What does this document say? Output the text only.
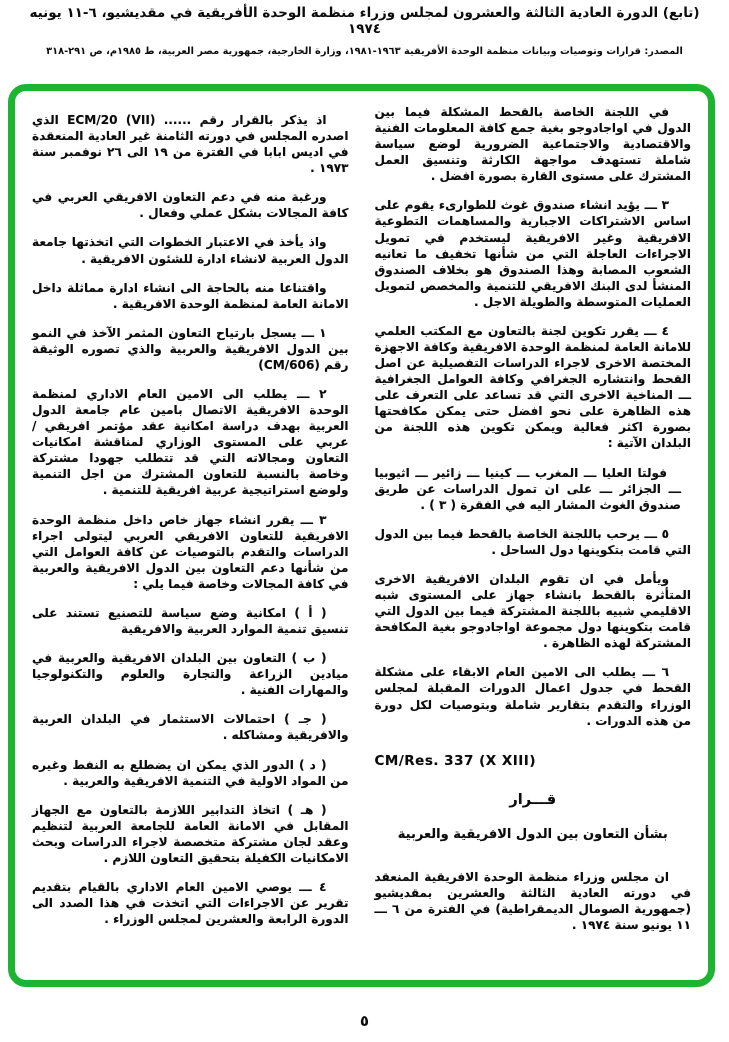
(تابع) الدورة العادية الثالثة والعشرون لمجلس وزراء منظمة الوحدة الأفريقية في مقديشيو، ٦-١١ يونيه ١٩٧٤
المصدر: قرارات وتوصيات وبيانات منظمة الوحدة الأفريقية ١٩٦٣-١٩٨١، وزارة الخارجية، جمهورية مصر العربية، ط ١٩٨٥م، ص ٢٩١-٣١٨

في اللجنة الخاصة بالقحط المشكلة فيما بين الدول في اواجادوجو بغية جمع كافة المعلومات الفنية والاقتصادية والاجتماعية الضرورية لوضع سياسة شاملة تستهدف مواجهة الكارثة وتنسيق العمل المشترك على مستوى القارة بصورة افضل .

٣ ـــ يؤيد انشاء صندوق غوث للطوارىء يقوم على اساس الاشتراكات الاجبارية والمساهمات التطوعية الافريقية وغير الافريقية ليستخدم في تمويل الاجراءات العاجلة التي من شأنها تخفيف ما تعانيه الشعوب المصابة وهذا الصندوق هو بخلاف الصندوق المنشأ لدى البنك الافريقي للتنمية والمخصص لتمويل العمليات المتوسطة والطويلة الاجل .

٤ ـــ يقرر تكوين لجنة بالتعاون مع المكتب العلمي للامانة العامة لمنظمة الوحدة الافريقية وكافة الاجهزة المختصة الاخرى لاجراء الدراسات التفصيلية عن اصل القحط وانتشاره الجغرافي وكافة العوامل الجغرافية ـــ المناخية الاخرى التي قد تساعد على التعرف على هذه الظاهرة على نحو افضل حتى يمكن مكافحتها بصورة اكثر فعالية ويمكن تكوين هذه اللجنة من البلدان الآتية :

فولتا العليا ـــ المغرب ـــ كينيا ـــ زائير ـــ اثيوبيا ـــ الجزائر ـــ على ان تمول الدراسات عن طريق صندوق الغوث المشار اليه في الفقرة ( ٣ ) .

٥ ـــ يرحب باللجنة الخاصة بالقحط فيما بين الدول التي قامت بتكوينها دول الساحل .

ويأمل في ان تقوم البلدان الافريقية الاخرى المتأثرة بالقحط بانشاء جهاز على المستوى شبه الاقليمي شبيه باللجنة المشتركة فيما بين الدول التي قامت بتكوينها دول مجموعة اواجادوجو بغية المكافحة المشتركة لهذه الظاهرة .

٦ ـــ يطلب الى الامين العام الابقاء على مشكلة القحط في جدول اعمال الدورات المقبلة لمجلس الوزراء والتقدم بتقارير شاملة وبتوصيات لكل دورة من هذه الدورات .

CM/Res. 337 (X XIII)

قـــرار

بشأن التعاون بين الدول الافريقية والعربية

ان مجلس وزراء منظمة الوحدة الافريقية المنعقد في دورته العادية الثالثة والعشرين بمقديشيو (جمهورية الصومال الديمقراطية) في الفترة من ٦ ـــ ١١ يونيو سنة ١٩٧٤ .

اذ يذكر بالقرار رقم ...... ECM/20 (VII) الذي اصدره المجلس في دورته الثامنة غير العادية المنعقدة في اديس ابابا في الفترة من ١٩ الى ٢٦ نوفمبر سنة ١٩٧٣ .

ورغبة منه في دعم التعاون الافريقي العربي في كافة المجالات بشكل عملي وفعال .

واذ يأخذ في الاعتبار الخطوات التي اتخذتها جامعة الدول العربية لانشاء ادارة للشئون الافريقية .

واقتناعا منه بالحاجة الى انشاء ادارة مماثلة داخل الامانة العامة لمنظمة الوحدة الافريقية .

١ ـــ يسجل بارتياح التعاون المثمر الآخذ في النمو بين الدول الافريقية والعربية والذي تصوره الوثيقة رقم (CM/606)

٢ ـــ يطلب الى الامين العام الاداري لمنظمة الوحدة الافريقية الاتصال بامين عام جامعة الدول العربية بهدف دراسة امكانية عقد مؤتمر افريقي / عربي على المستوى الوزاري لمناقشة امكانيات التعاون ومجالاته التي قد تتطلب جهودا مشتركة وخاصة بالنسبة للتعاون المشترك من اجل التنمية ولوضع استراتيجية عربية افريقية للتنمية .

٣ ـــ يقرر انشاء جهاز خاص داخل منظمة الوحدة الافريقية للتعاون الافريقي العربي ليتولى اجراء الدراسات والتقدم بالتوصيات عن كافة العوامل التي من شأنها دعم التعاون بين الدول الافريقية والعربية في كافة المجالات وخاصة فيما يلي :

( أ ) امكانية وضع سياسة للتصنيع تستند على تنسيق تنمية الموارد العربية والافريقية

( ب ) التعاون بين البلدان الافريقية والعربية في ميادين الزراعة والتجارة والعلوم والتكنولوجيا والمهارات الفنية .

( جـ ) احتمالات الاستثمار في البلدان العربية والافريقية ومشاكله .

( د ) الدور الذي يمكن ان يضطلع به النفط وغيره من المواد الاولية في التنمية الافريقية والعربية .

( هـ ) اتخاذ التدابير اللازمة بالتعاون مع الجهاز المقابل في الامانة العامة للجامعة العربية لتنظيم وعقد لجان مشتركة متخصصة لاجراء الدراسات وبحث الامكانيات الكفيلة بتحقيق التعاون اللازم .

٤ ـــ يوصي الامين العام الاداري بالقيام بتقديم تقرير عن الاجراءات التي اتخذت في هذا الصدد الى الدورة الرابعة والعشرين لمجلس الوزراء .

٥
